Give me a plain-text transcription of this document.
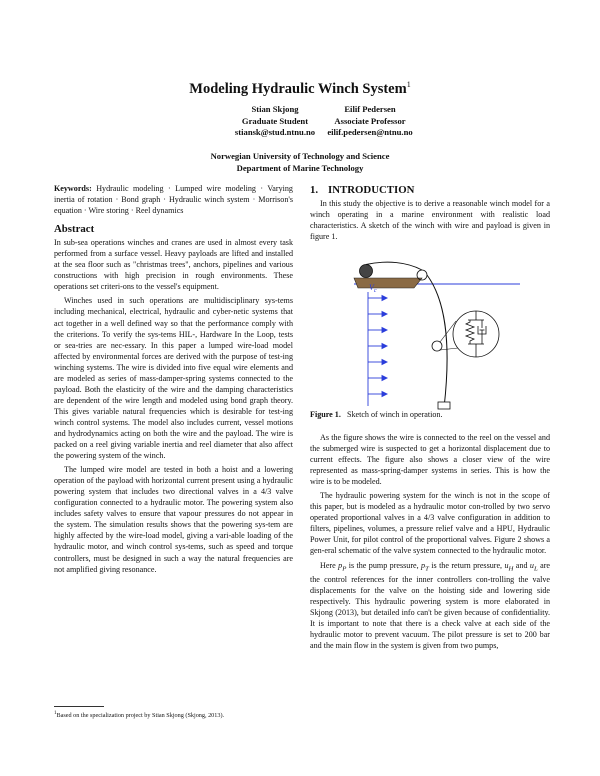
Modeling Hydraulic Winch System$^1$
Stian Skjong
Graduate Student
stiansk@stud.ntnu.no
Eilif Pedersen
Associate Professor
eilif.pedersen@ntnu.no
Norwegian University of Technology and Science
Department of Marine Technology

Keywords: Hydraulic modeling · Lumped wire modeling · Varying inertia of rotation · Bond graph · Hydraulic winch system · Morrison's equation · Wire storing · Reel dynamics

Abstract

In sub-sea operations winches and cranes are used in almost every task performed from a surface vessel. Heavy payloads are lifted and installed at the sea floor such as "christmas trees", anchors, pipelines and various constructions with high precision in rough environments. These operations set criteri-ons to the vessel's equipment.

Winches used in such operations are multidisciplinary sys-tems including mechanical, electrical, hydraulic and cyber-netic systems that act together in a well defined way so that the performance comply with the criterions. To verify the sys-tems HIL-, Hardware In the Loop, tests or sea-tries are nec-essary. In this paper a lumped wire-load model affected by environmental forces are derived with the purpose of test-ing winching systems. The wire is divided into five equal wire elements and are modeled as series of mass-damper-spring systems connected to the payload. Both the elasticity of the wire and the damping characteristics are dependent of the wire length and modeled using bond graph theory. This gives variable natural frequencies which is desirable for test-ing winch control systems. The model also includes current, vessel motions and hydrodynamics acting on both the wire and the payload. The wire is packed on a reel giving variable inertia and reel diameter that also affect the powering system of the winch.

The lumped wire model are tested in both a hoist and a lowering operation of the payload with horizontal current present using a hydraulic powering system that includes two directional valves in a 4/3 valve configuration connected to a hydraulic motor. The powering system also includes safety valves to ensure that vapour pressures do not appear in the system. The simulation results shows that the powering sys-tem are highly affected by the wire-load model, giving a vari-able loading of the hydraulic motor, and winch control sys-tems, such as speed and torque controllers, must be designed in such a way the natural frequencies are not amplified giving resonance.

$^1$Based on the specialization project by Stian Skjong (Skjong, 2013).
1. INTRODUCTION

In this study the objective is to derive a reasonable winch model for a winch operating in a marine environment with realistic load characteristics. A sketch of the winch with wire and payload is given in figure 1.

$V_c$
Figure 1. Sketch of winch in operation.

As the figure shows the wire is connected to the reel on the vessel and the submerged wire is suspected to get a horizontal displacement due to current effects. The figure also shows a closer view of the wire represented as mass-spring-damper systems in series. This is how the wire is to be modeled.

The hydraulic powering system for the winch is not in the scope of this paper, but is modeled as a hydraulic motor con-trolled by two servo operated proportional valves in a 4/3 valve configuration in addition to filters, pipelines, volumes, a pressure relief valve and a HPU, Hydraulic Power Unit, for pilot control of the proportional valves. Figure 2 shows a gen-eral schematic of the valve system connected to the hydraulic motor.

Here $p_P$ is the pump pressure, $p_T$ is the return pressure, $u_H$ and $u_L$ are the control references for the inner controllers con-trolling the valve displacements for the valve on the hoisting side and lowering side respectively. This hydraulic powering system is more elaborated in Skjong (2013), but detailed info can't be given because of confidentiality. It is important to note that there is a check valve at each side of the hydraulic motor to prevent vacuum. The pilot pressure is set to 200 bar and the main flow in the system is given from two pumps,
